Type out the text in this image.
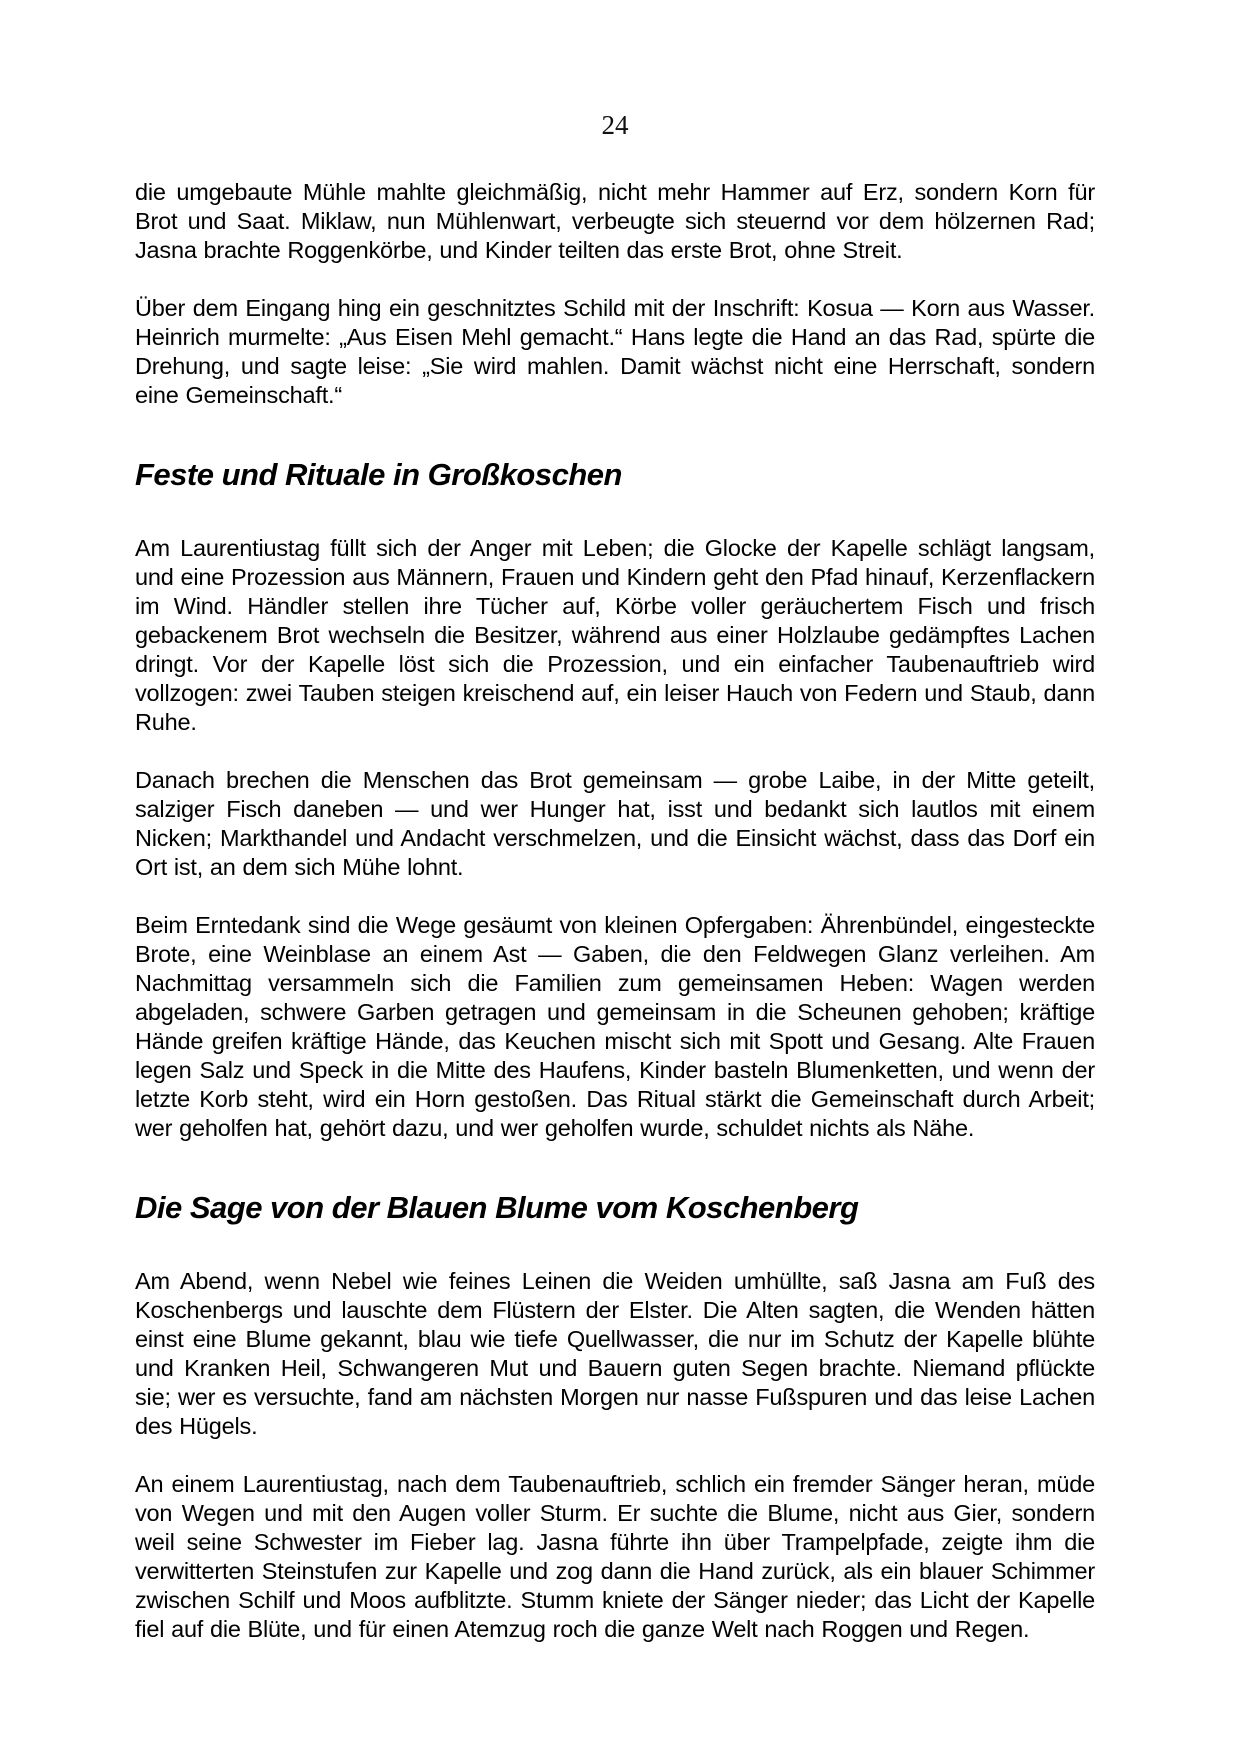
24

die umgebaute Mühle mahlte gleichmäßig, nicht mehr Hammer auf Erz, sondern Korn für Brot und Saat. Miklaw, nun Mühlenwart, verbeugte sich steuernd vor dem hölzernen Rad; Jasna brachte Roggenkörbe, und Kinder teilten das erste Brot, ohne Streit.

Über dem Eingang hing ein geschnitztes Schild mit der Inschrift: Kosua — Korn aus Wasser. Heinrich murmelte: „Aus Eisen Mehl gemacht.“ Hans legte die Hand an das Rad, spürte die Drehung, und sagte leise: „Sie wird mahlen. Damit wächst nicht eine Herrschaft, sondern eine Gemeinschaft.“

Feste und Rituale in Großkoschen

Am Laurentiustag füllt sich der Anger mit Leben; die Glocke der Kapelle schlägt langsam, und eine Prozession aus Männern, Frauen und Kindern geht den Pfad hinauf, Kerzenflackern im Wind. Händler stellen ihre Tücher auf, Körbe voller geräuchertem Fisch und frisch gebackenem Brot wechseln die Besitzer, während aus einer Holzlaube gedämpftes Lachen dringt. Vor der Kapelle löst sich die Prozession, und ein einfacher Taubenauftrieb wird vollzogen: zwei Tauben steigen kreischend auf, ein leiser Hauch von Federn und Staub, dann Ruhe.

Danach brechen die Menschen das Brot gemeinsam — grobe Laibe, in der Mitte geteilt, salziger Fisch daneben — und wer Hunger hat, isst und bedankt sich lautlos mit einem Nicken; Markthandel und Andacht verschmelzen, und die Einsicht wächst, dass das Dorf ein Ort ist, an dem sich Mühe lohnt.

Beim Erntedank sind die Wege gesäumt von kleinen Opfergaben: Ährenbündel, eingesteckte Brote, eine Weinblase an einem Ast — Gaben, die den Feldwegen Glanz verleihen. Am Nachmittag versammeln sich die Familien zum gemeinsamen Heben: Wagen werden abgeladen, schwere Garben getragen und gemeinsam in die Scheunen gehoben; kräftige Hände greifen kräftige Hände, das Keuchen mischt sich mit Spott und Gesang. Alte Frauen legen Salz und Speck in die Mitte des Haufens, Kinder basteln Blumenketten, und wenn der letzte Korb steht, wird ein Horn gestoßen. Das Ritual stärkt die Gemeinschaft durch Arbeit; wer geholfen hat, gehört dazu, und wer geholfen wurde, schuldet nichts als Nähe.

Die Sage von der Blauen Blume vom Koschenberg

Am Abend, wenn Nebel wie feines Leinen die Weiden umhüllte, saß Jasna am Fuß des Koschenbergs und lauschte dem Flüstern der Elster. Die Alten sagten, die Wenden hätten einst eine Blume gekannt, blau wie tiefe Quellwasser, die nur im Schutz der Kapelle blühte und Kranken Heil, Schwangeren Mut und Bauern guten Segen brachte. Niemand pflückte sie; wer es versuchte, fand am nächsten Morgen nur nasse Fußspuren und das leise Lachen des Hügels.

An einem Laurentiustag, nach dem Taubenauftrieb, schlich ein fremder Sänger heran, müde von Wegen und mit den Augen voller Sturm. Er suchte die Blume, nicht aus Gier, sondern weil seine Schwester im Fieber lag. Jasna führte ihn über Trampelpfade, zeigte ihm die verwitterten Steinstufen zur Kapelle und zog dann die Hand zurück, als ein blauer Schimmer zwischen Schilf und Moos aufblitzte. Stumm kniete der Sänger nieder; das Licht der Kapelle fiel auf die Blüte, und für einen Atemzug roch die ganze Welt nach Roggen und Regen.
